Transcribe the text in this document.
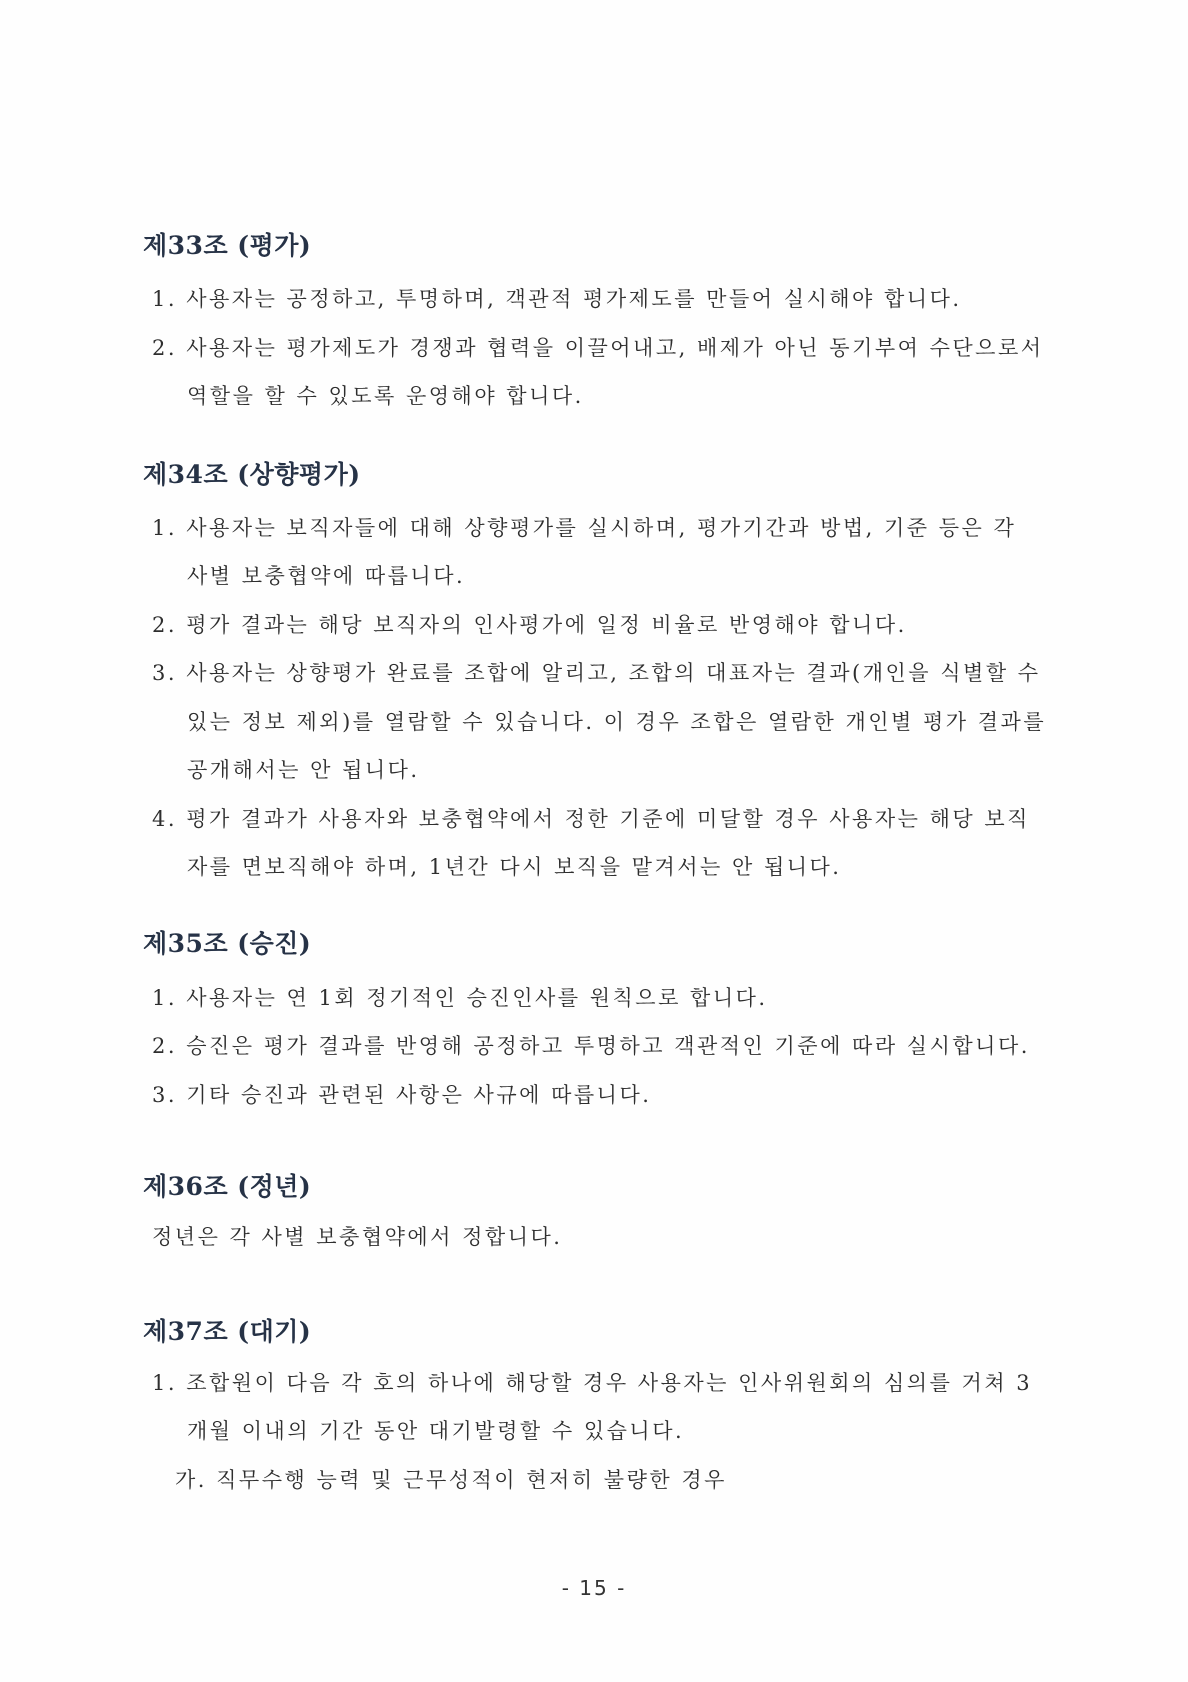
제33조 (평가)
1. 사용자는 공정하고, 투명하며, 객관적 평가제도를 만들어 실시해야 합니다.
2. 사용자는 평가제도가 경쟁과 협력을 이끌어내고, 배제가 아닌 동기부여 수단으로서
역할을 할 수 있도록 운영해야 합니다.
제34조 (상향평가)
1. 사용자는 보직자들에 대해 상향평가를 실시하며, 평가기간과 방법, 기준 등은 각
사별 보충협약에 따릅니다.
2. 평가 결과는 해당 보직자의 인사평가에 일정 비율로 반영해야 합니다.
3. 사용자는 상향평가 완료를 조합에 알리고, 조합의 대표자는 결과(개인을 식별할 수
있는 정보 제외)를 열람할 수 있습니다. 이 경우 조합은 열람한 개인별 평가 결과를
공개해서는 안 됩니다.
4. 평가 결과가 사용자와 보충협약에서 정한 기준에 미달할 경우 사용자는 해당 보직
자를 면보직해야 하며, 1년간 다시 보직을 맡겨서는 안 됩니다.
제35조 (승진)
1. 사용자는 연 1회 정기적인 승진인사를 원칙으로 합니다.
2. 승진은 평가 결과를 반영해 공정하고 투명하고 객관적인 기준에 따라 실시합니다.
3. 기타 승진과 관련된 사항은 사규에 따릅니다.
제36조 (정년)
정년은 각 사별 보충협약에서 정합니다.
제37조 (대기)
1. 조합원이 다음 각 호의 하나에 해당할 경우 사용자는 인사위원회의 심의를 거쳐 3
개월 이내의 기간 동안 대기발령할 수 있습니다.
가. 직무수행 능력 및 근무성적이 현저히 불량한 경우
- 15 -
